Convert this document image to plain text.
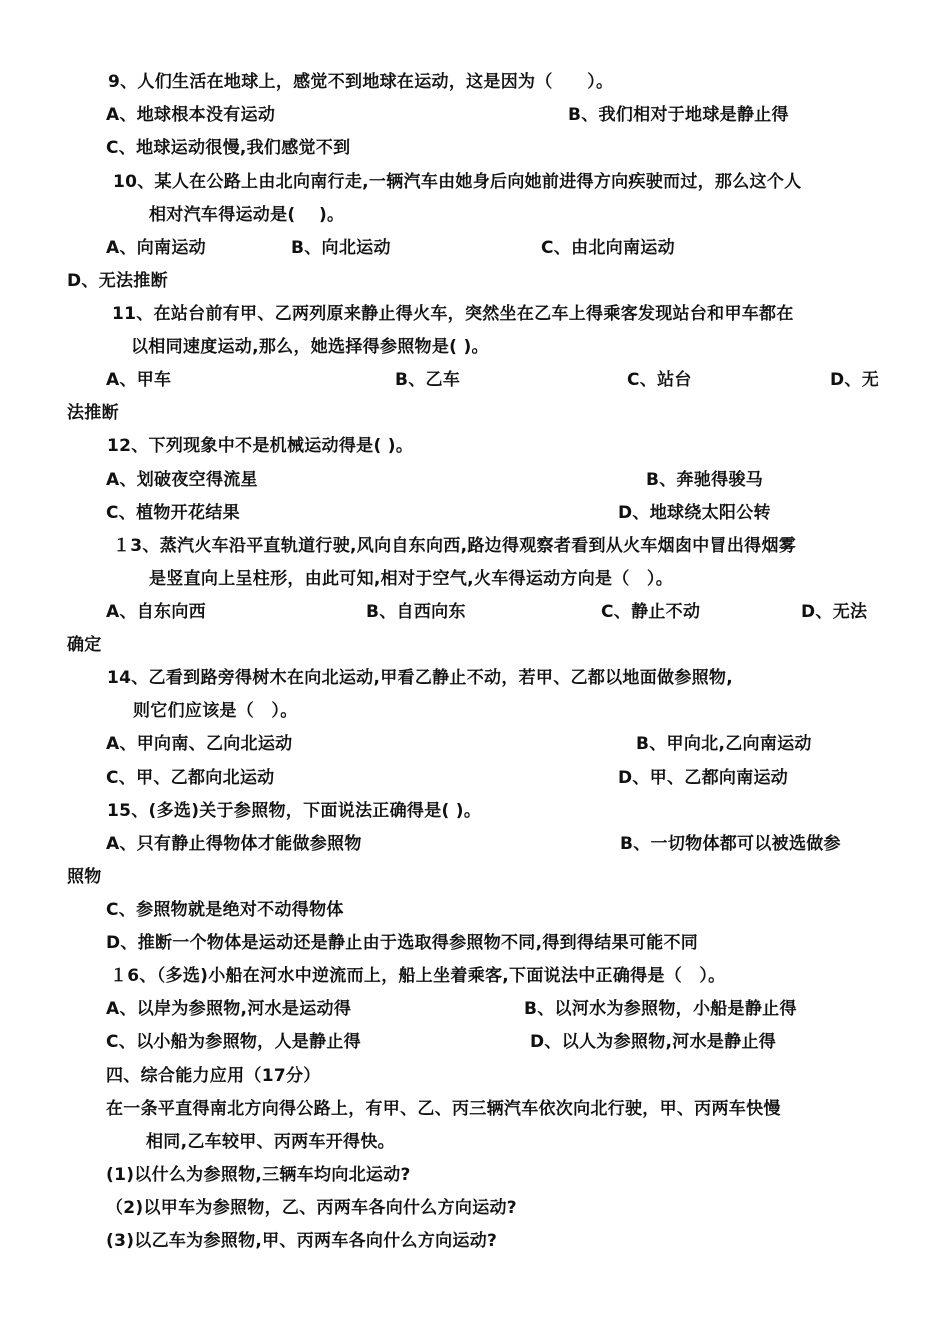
9、人们生活在地球上，感觉不到地球在运动，这是因为（　　）。
A、地球根本没有运动	B、我们相对于地球是静止得
C、地球运动很慢,我们感觉不到
10、某人在公路上由北向南行走,一辆汽车由她身后向她前进得方向疾驶而过，那么这个人
相对汽车得运动是(　 )。
A、向南运动	B、向北运动	C、由北向南运动
D、无法推断
11、在站台前有甲、乙两列原来静止得火车，突然坐在乙车上得乘客发现站台和甲车都在
以相同速度运动,那么，她选择得参照物是( )。
A、甲车	B、乙车	C、站台	D、无
法推断
12、下列现象中不是机械运动得是( )。
A、划破夜空得流星	B、奔驰得骏马
C、植物开花结果	D、地球绕太阳公转
１3、蒸汽火车沿平直轨道行驶,风向自东向西,路边得观察者看到从火车烟囱中冒出得烟雾
是竖直向上呈柱形，由此可知,相对于空气,火车得运动方向是（　）。
A、自东向西	B、自西向东	C、静止不动	D、无法
确定
14、乙看到路旁得树木在向北运动,甲看乙静止不动，若甲、乙都以地面做参照物,
则它们应该是（　）。
A、甲向南、乙向北运动	B、甲向北,乙向南运动
C、甲、乙都向北运动	D、甲、乙都向南运动
15、(多选)关于参照物，下面说法正确得是( )。
A、只有静止得物体才能做参照物	B、一切物体都可以被选做参
照物
C、参照物就是绝对不动得物体
D、推断一个物体是运动还是静止由于选取得参照物不同,得到得结果可能不同
１6、（多选)小船在河水中逆流而上，船上坐着乘客,下面说法中正确得是（　）。
A、以岸为参照物,河水是运动得	B、以河水为参照物，小船是静止得
C、以小船为参照物，人是静止得	D、以人为参照物,河水是静止得
四、综合能力应用（17分）
在一条平直得南北方向得公路上，有甲、乙、丙三辆汽车依次向北行驶，甲、丙两车快慢
相同,乙车较甲、丙两车开得快。
(1)以什么为参照物,三辆车均向北运动?
（2)以甲车为参照物，乙、丙两车各向什么方向运动?
(3)以乙车为参照物,甲、丙两车各向什么方向运动?
